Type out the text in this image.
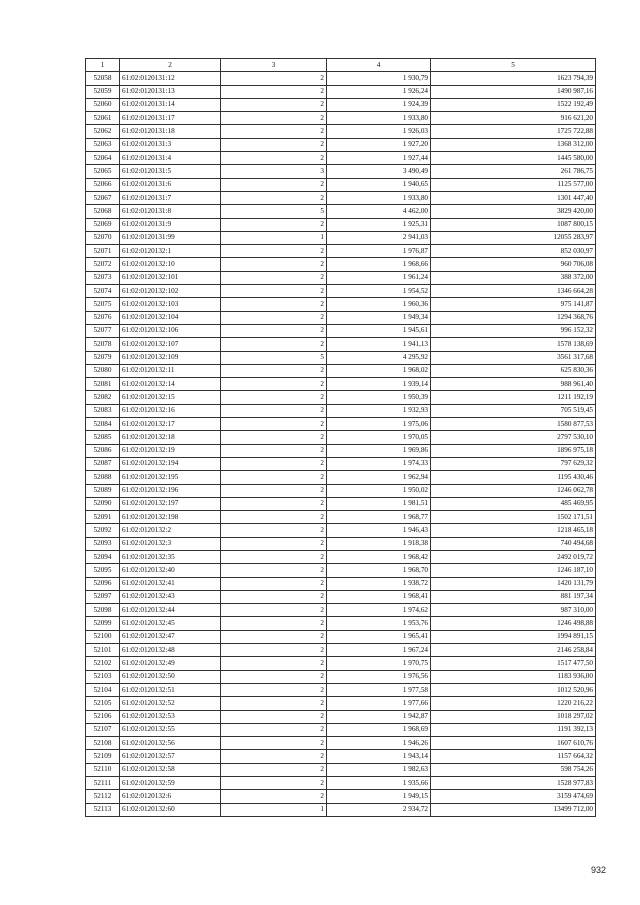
1	2	3	4	5
52058	61:02:0120131:12	2	1 930,79	1623 794,39
52059	61:02:0120131:13	2	1 926,24	1490 987,16
52060	61:02:0120131:14	2	1 924,39	1522 192,49
52061	61:02:0120131:17	2	1 933,80	916 621,20
52062	61:02:0120131:18	2	1 926,03	1725 722,88
52063	61:02:0120131:3	2	1 927,20	1368 312,00
52064	61:02:0120131:4	2	1 927,44	1445 580,00
52065	61:02:0120131:5	3	3 490,49	261 786,75
52066	61:02:0120131:6	2	1 940,65	1125 577,00
52067	61:02:0120131:7	2	1 933,80	1301 447,40
52068	61:02:0120131:8	5	4 462,00	3829 420,00
52069	61:02:0120131:9	2	1 925,31	1087 800,15
52070	61:02:0120131:99	1	2 941,03	12055 283,97
52071	61:02:0120132:1	2	1 976,87	852 030,97
52072	61:02:0120132:10	2	1 968,66	960 706,08
52073	61:02:0120132:101	2	1 961,24	388 372,00
52074	61:02:0120132:102	2	1 954,52	1346 664,28
52075	61:02:0120132:103	2	1 960,36	975 141,87
52076	61:02:0120132:104	2	1 949,34	1294 368,76
52077	61:02:0120132:106	2	1 945,61	996 152,32
52078	61:02:0120132:107	2	1 941,13	1578 138,69
52079	61:02:0120132:109	5	4 295,92	3561 317,68
52080	61:02:0120132:11	2	1 968,02	625 830,36
52081	61:02:0120132:14	2	1 939,14	988 961,40
52082	61:02:0120132:15	2	1 950,39	1211 192,19
52083	61:02:0120132:16	2	1 932,93	705 519,45
52084	61:02:0120132:17	2	1 975,06	1580 877,53
52085	61:02:0120132:18	2	1 970,05	2797 530,10
52086	61:02:0120132:19	2	1 969,86	1896 975,18
52087	61:02:0120132:194	2	1 974,33	797 629,32
52088	61:02:0120132:195	2	1 962,94	1195 430,46
52089	61:02:0120132:196	2	1 950,02	1246 062,78
52090	61:02:0120132:197	2	1 981,51	485 469,95
52091	61:02:0120132:198	2	1 968,77	1502 171,51
52092	61:02:0120132:2	2	1 946,43	1218 465,18
52093	61:02:0120132:3	2	1 918,38	740 494,68
52094	61:02:0120132:35	2	1 968,42	2492 019,72
52095	61:02:0120132:40	2	1 968,70	1246 187,10
52096	61:02:0120132:41	2	1 938,72	1420 131,79
52097	61:02:0120132:43	2	1 968,41	881 197,34
52098	61:02:0120132:44	2	1 974,62	987 310,00
52099	61:02:0120132:45	2	1 953,76	1246 498,88
52100	61:02:0120132:47	2	1 965,41	1994 891,15
52101	61:02:0120132:48	2	1 967,24	2146 258,84
52102	61:02:0120132:49	2	1 970,75	1517 477,50
52103	61:02:0120132:50	2	1 976,56	1183 936,00
52104	61:02:0120132:51	2	1 977,58	1012 520,96
52105	61:02:0120132:52	2	1 977,66	1220 216,22
52106	61:02:0120132:53	2	1 942,87	1018 297,02
52107	61:02:0120132:55	2	1 968,69	1191 392,13
52108	61:02:0120132:56	2	1 946,26	1607 610,76
52109	61:02:0120132:57	2	1 943,14	1157 664,32
52110	61:02:0120132:58	2	1 982,63	598 754,26
52111	61:02:0120132:59	2	1 935,66	1528 977,83
52112	61:02:0120132:6	2	1 949,15	3159 474,69
52113	61:02:0120132:60	1	2 934,72	13499 712,00
932
